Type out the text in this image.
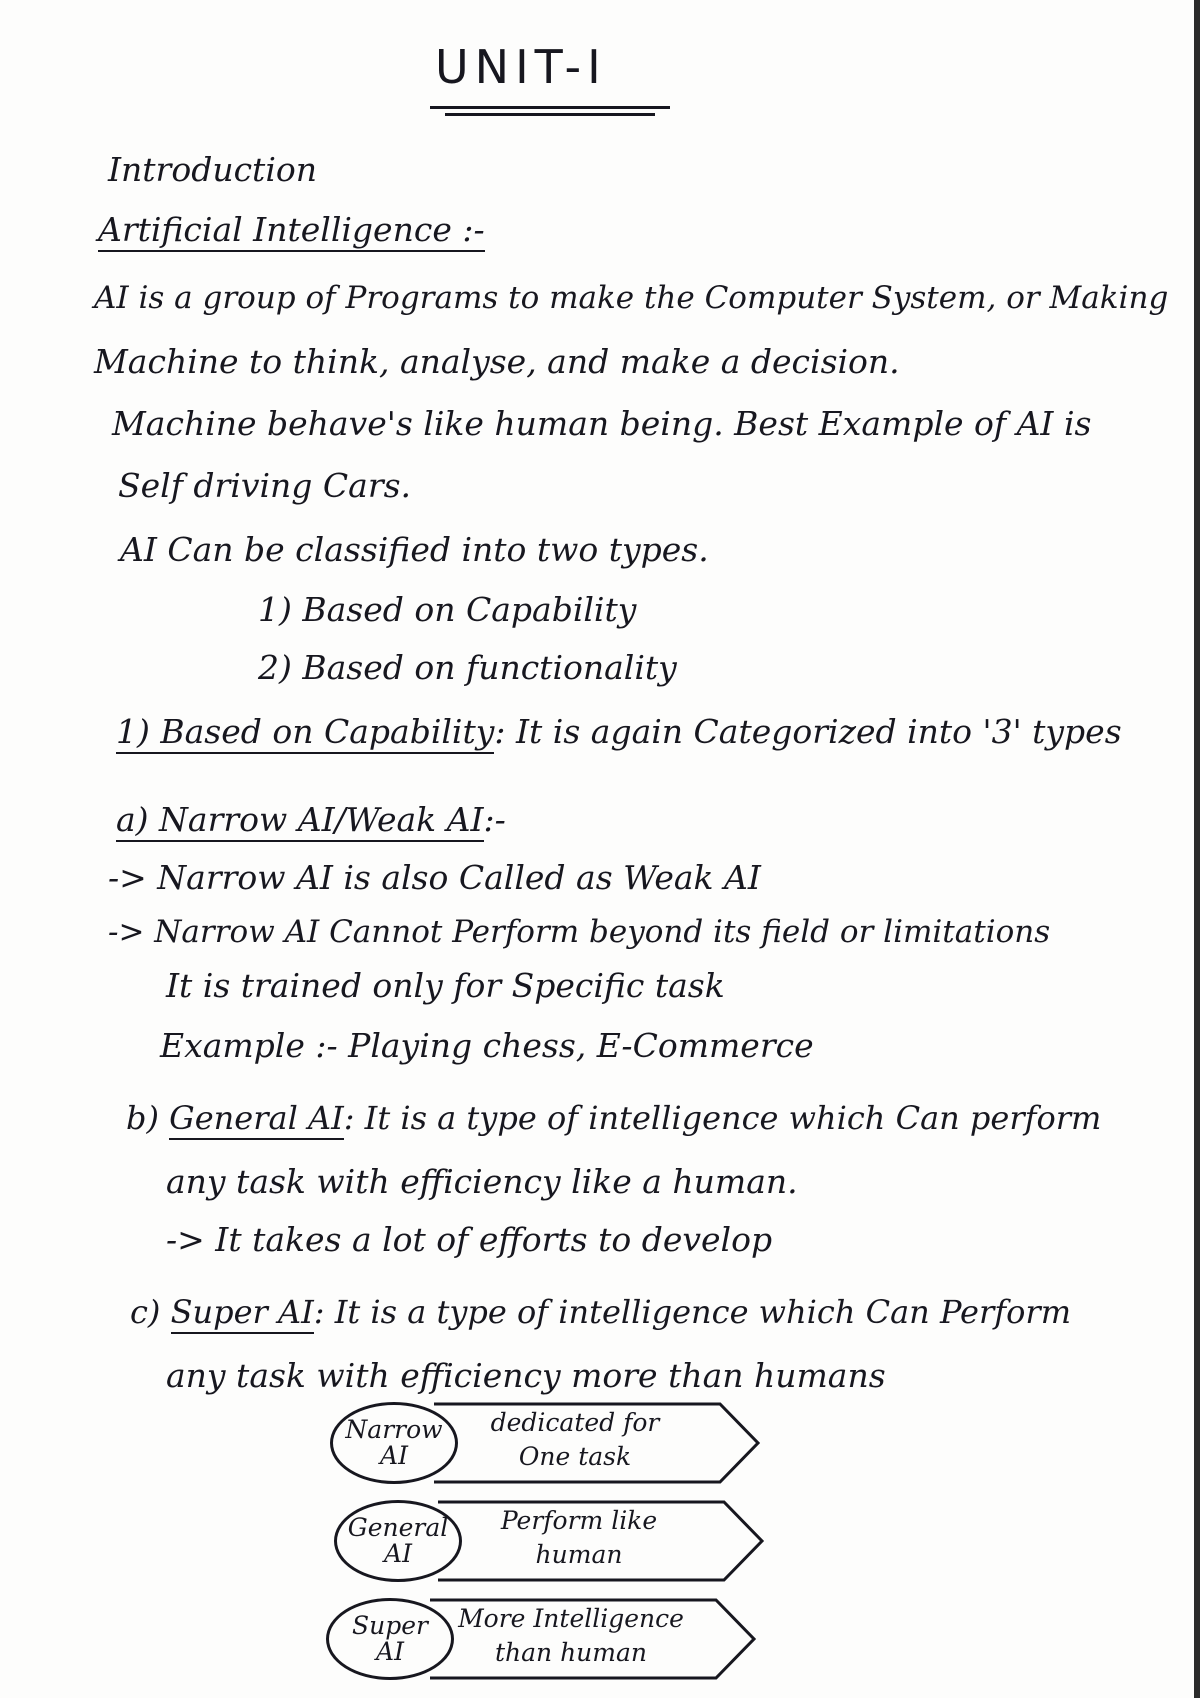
UNIT-I
Introduction
Artificial Intelligence :-
AI is a group of Programs to make the Computer System, or Making
Machine to think, analyse, and make a decision.
Machine behave's like human being. Best Example of AI is
Self driving Cars.
AI Can be classified into two types.
1) Based on Capability
2) Based on functionality
1) Based on Capability: It is again Categorized into '3' types
a) Narrow AI/Weak AI:-
-> Narrow AI is also Called as Weak AI
-> Narrow AI Cannot Perform beyond its field or limitations
It is trained only for Specific task
Example :- Playing chess, E-Commerce
b) General AI: It is a type of intelligence which Can perform
any task with efficiency like a human.
-> It takes a lot of efforts to develop
c) Super AI: It is a type of intelligence which Can Perform
any task with efficiency more than humans
Narrow
AI
dedicated for
One task
General
AI
Perform like
human
Super
AI
More Intelligence
than human
